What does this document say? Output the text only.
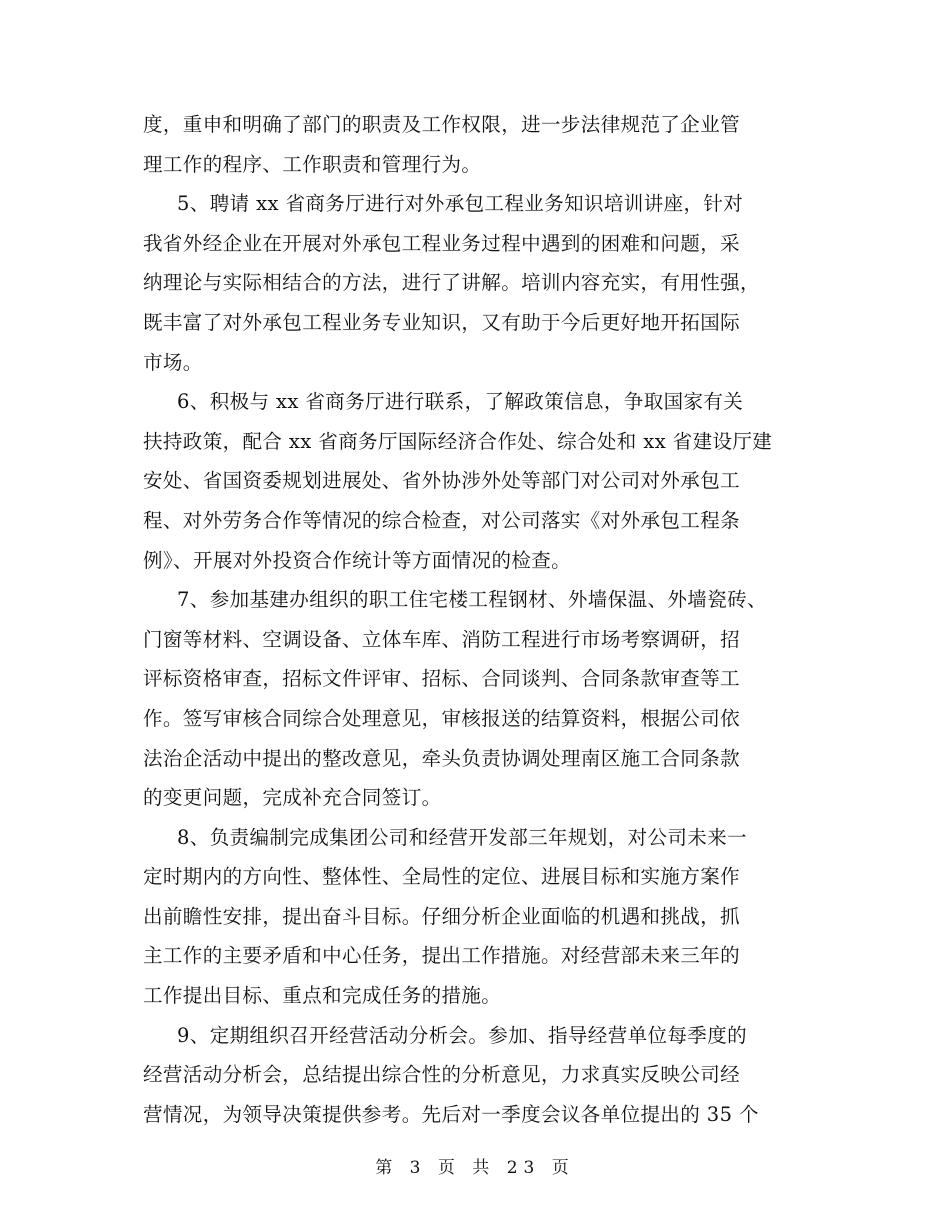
度，重申和明确了部门的职责及工作权限，进一步法律规范了企业管
理工作的程序、工作职责和管理行为。
5、聘请 xx 省商务厅进行对外承包工程业务知识培训讲座，针对
我省外经企业在开展对外承包工程业务过程中遇到的困难和问题，采
纳理论与实际相结合的方法，进行了讲解。培训内容充实，有用性强，
既丰富了对外承包工程业务专业知识，又有助于今后更好地开拓国际
市场。
6、积极与 xx 省商务厅进行联系，了解政策信息，争取国家有关
扶持政策，配合 xx 省商务厅国际经济合作处、综合处和 xx 省建设厅建
安处、省国资委规划进展处、省外协涉外处等部门对公司对外承包工
程、对外劳务合作等情况的综合检查，对公司落实《对外承包工程条
例》、开展对外投资合作统计等方面情况的检查。
7、参加基建办组织的职工住宅楼工程钢材、外墙保温、外墙瓷砖、
门窗等材料、空调设备、立体车库、消防工程进行市场考察调研，招
评标资格审查，招标文件评审、招标、合同谈判、合同条款审查等工
作。签写审核合同综合处理意见，审核报送的结算资料，根据公司依
法治企活动中提出的整改意见，牵头负责协调处理南区施工合同条款
的变更问题，完成补充合同签订。
8、负责编制完成集团公司和经营开发部三年规划，对公司未来一
定时期内的方向性、整体性、全局性的定位、进展目标和实施方案作
出前瞻性安排，提出奋斗目标。仔细分析企业面临的机遇和挑战，抓
主工作的主要矛盾和中心任务，提出工作措施。对经营部未来三年的
工作提出目标、重点和完成任务的措施。
9、定期组织召开经营活动分析会。参加、指导经营单位每季度的
经营活动分析会，总结提出综合性的分析意见，力求真实反映公司经
营情况，为领导决策提供参考。先后对一季度会议各单位提出的 35 个
第 3 页 共 23 页
